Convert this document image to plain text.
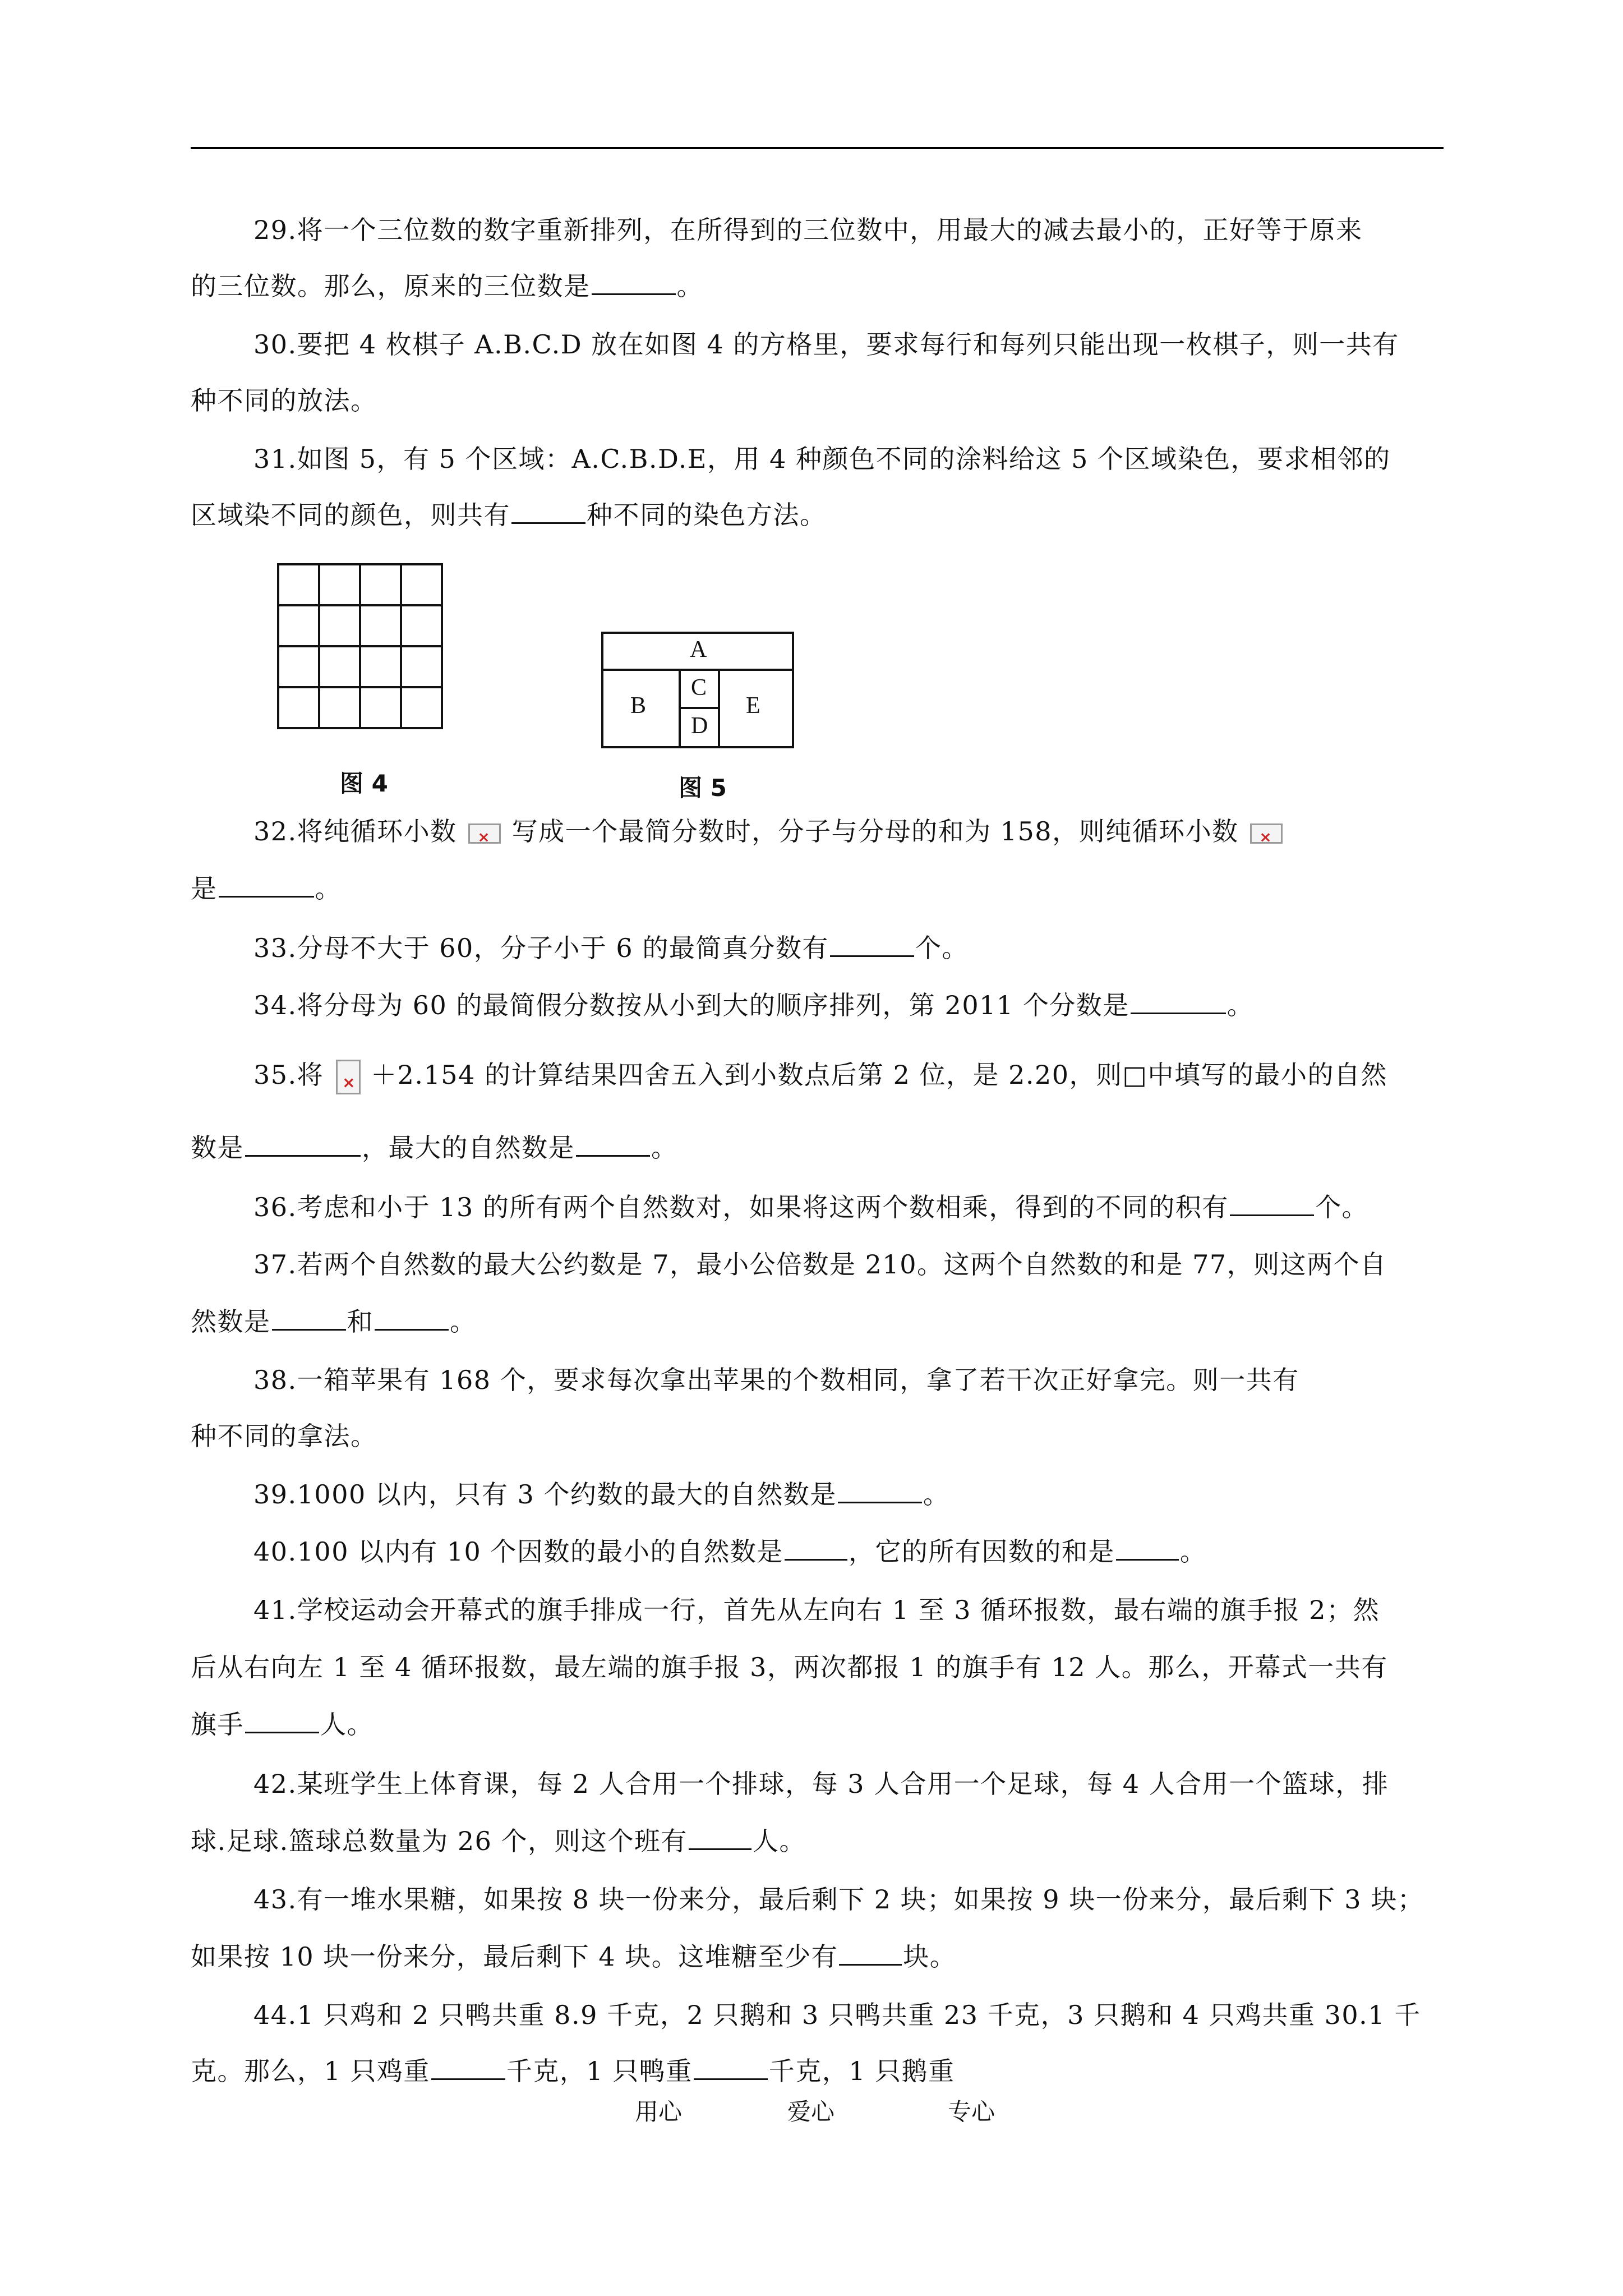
29.将一个三位数的数字重新排列，在所得到的三位数中，用最大的减去最小的，正好等于原来
的三位数。那么，原来的三位数是	。
30.要把 4 枚棋子 A.B.C.D 放在如图 4 的方格里，要求每行和每列只能出现一枚棋子，则一共有
种不同的放法。
31.如图 5，有 5 个区域：A.C.B.D.E，用 4 种颜色不同的涂料给这 5 个区域染色，要求相邻的
区域染不同的颜色，则共有	种不同的染色方法。
图 4
A
B
C
D
E
图 5
32.将纯循环小数 × 写成一个最简分数时，分子与分母的和为 158，则纯循环小数 ×
是	。
33.分母不大于 60，分子小于 6 的最简真分数有	个。
34.将分母为 60 的最简假分数按从小到大的顺序排列，第 2011 个分数是	。
35.将 × ＋2.154 的计算结果四舍五入到小数点后第 2 位，是 2.20，则□中填写的最小的自然
数是	，最大的自然数是	。
36.考虑和小于 13 的所有两个自然数对，如果将这两个数相乘，得到的不同的积有	个。
37.若两个自然数的最大公约数是 7，最小公倍数是 210。这两个自然数的和是 77，则这两个自
然数是	和	。
38.一箱苹果有 168 个，要求每次拿出苹果的个数相同，拿了若干次正好拿完。则一共有
种不同的拿法。
39.1000 以内，只有 3 个约数的最大的自然数是	。
40.100 以内有 10 个因数的最小的自然数是	，它的所有因数的和是	。
41.学校运动会开幕式的旗手排成一行，首先从左向右 1 至 3 循环报数，最右端的旗手报 2；然
后从右向左 1 至 4 循环报数，最左端的旗手报 3，两次都报 1 的旗手有 12 人。那么，开幕式一共有
旗手	人。
42.某班学生上体育课，每 2 人合用一个排球，每 3 人合用一个足球，每 4 人合用一个篮球，排
球.足球.篮球总数量为 26 个，则这个班有	人。
43.有一堆水果糖，如果按 8 块一份来分，最后剩下 2 块；如果按 9 块一份来分，最后剩下 3 块；
如果按 10 块一份来分，最后剩下 4 块。这堆糖至少有	块。
44.1 只鸡和 2 只鸭共重 8.9 千克，2 只鹅和 3 只鸭共重 23 千克，3 只鹅和 4 只鸡共重 30.1 千
克。那么，1 只鸡重	千克，1 只鸭重	千克，1 只鹅重
用心	爱心	专心
